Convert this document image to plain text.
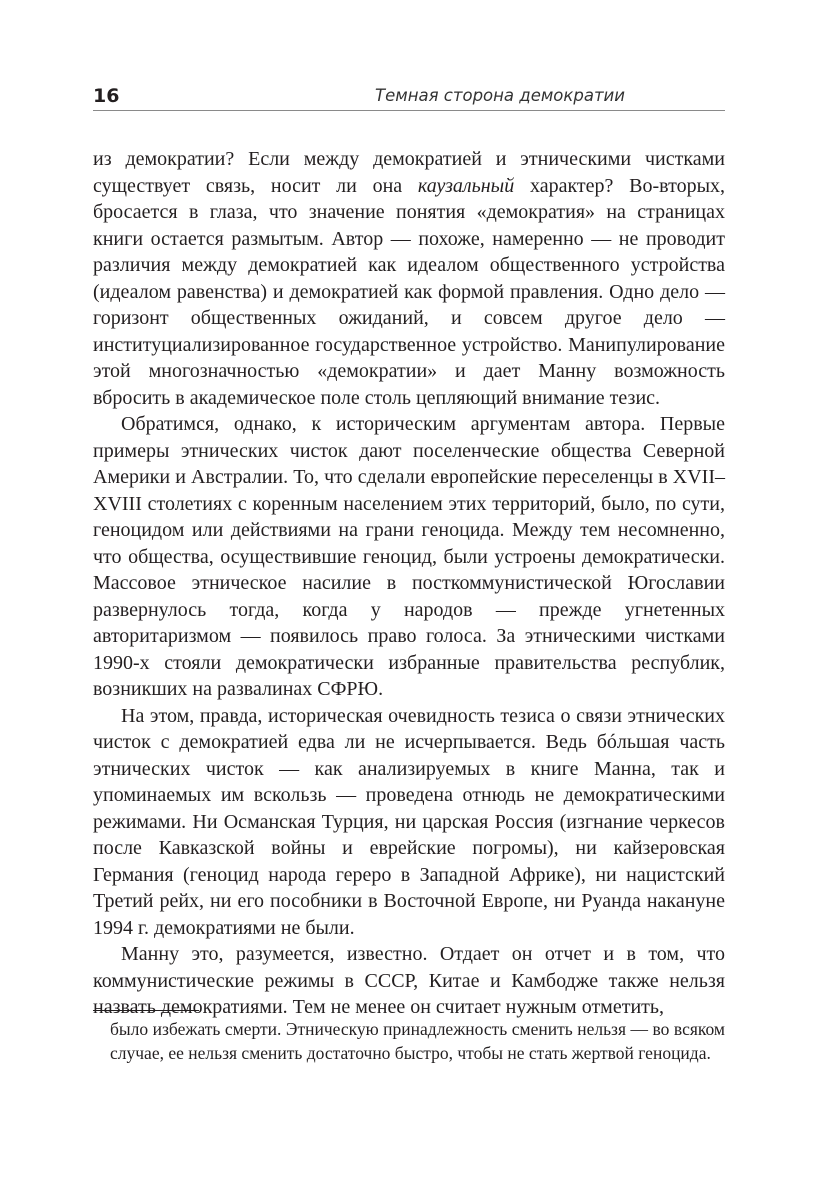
16	Темная сторона демократии

из демократии? Если между демократией и этническими чистками существует связь, носит ли она каузальный характер? Во-вторых, бросается в глаза, что значение понятия «демократия» на страницах книги остается размытым. Автор — похоже, намеренно — не проводит различия между демократией как идеалом общественного устройства (идеалом равенства) и демократией как формой правления. Одно дело — горизонт общественных ожиданий, и совсем другое дело — институциализированное государственное устройство. Манипулирование этой многозначностью «демократии» и дает Манну возможность вбросить в академическое поле столь цепляющий внимание тезис.

Обратимся, однако, к историческим аргументам автора. Первые примеры этнических чисток дают поселенческие общества Северной Америки и Австралии. То, что сделали европейские переселенцы в XVII–XVIII столетиях с коренным населением этих территорий, было, по сути, геноцидом или действиями на грани геноцида. Между тем несомненно, что общества, осуществившие геноцид, были устроены демократически. Массовое этническое насилие в посткоммунистической Югославии развернулось тогда, когда у народов — прежде угнетенных авторитаризмом — появилось право голоса. За этническими чистками 1990-х стояли демократически избранные правительства республик, возникших на развалинах СФРЮ.

На этом, правда, историческая очевидность тезиса о связи этнических чисток с демократией едва ли не исчерпывается. Ведь бóльшая часть этнических чисток — как анализируемых в книге Манна, так и упоминаемых им вскользь — проведена отнюдь не демократическими режимами. Ни Османская Турция, ни царская Россия (изгнание черкесов после Кавказской войны и еврейские погромы), ни кайзеровская Германия (геноцид народа гереро в Западной Африке), ни нацистский Третий рейх, ни его пособники в Восточной Европе, ни Руанда накануне 1994 г. демократиями не были.

Манну это, разумеется, известно. Отдает он отчет и в том, что коммунистические режимы в СССР, Китае и Камбодже также нельзя назвать демократиями. Тем не менее он считает нужным отметить,

было избежать смерти. Этническую принадлежность сменить нельзя — во всяком случае, ее нельзя сменить достаточно быстро, чтобы не стать жертвой геноцида.
